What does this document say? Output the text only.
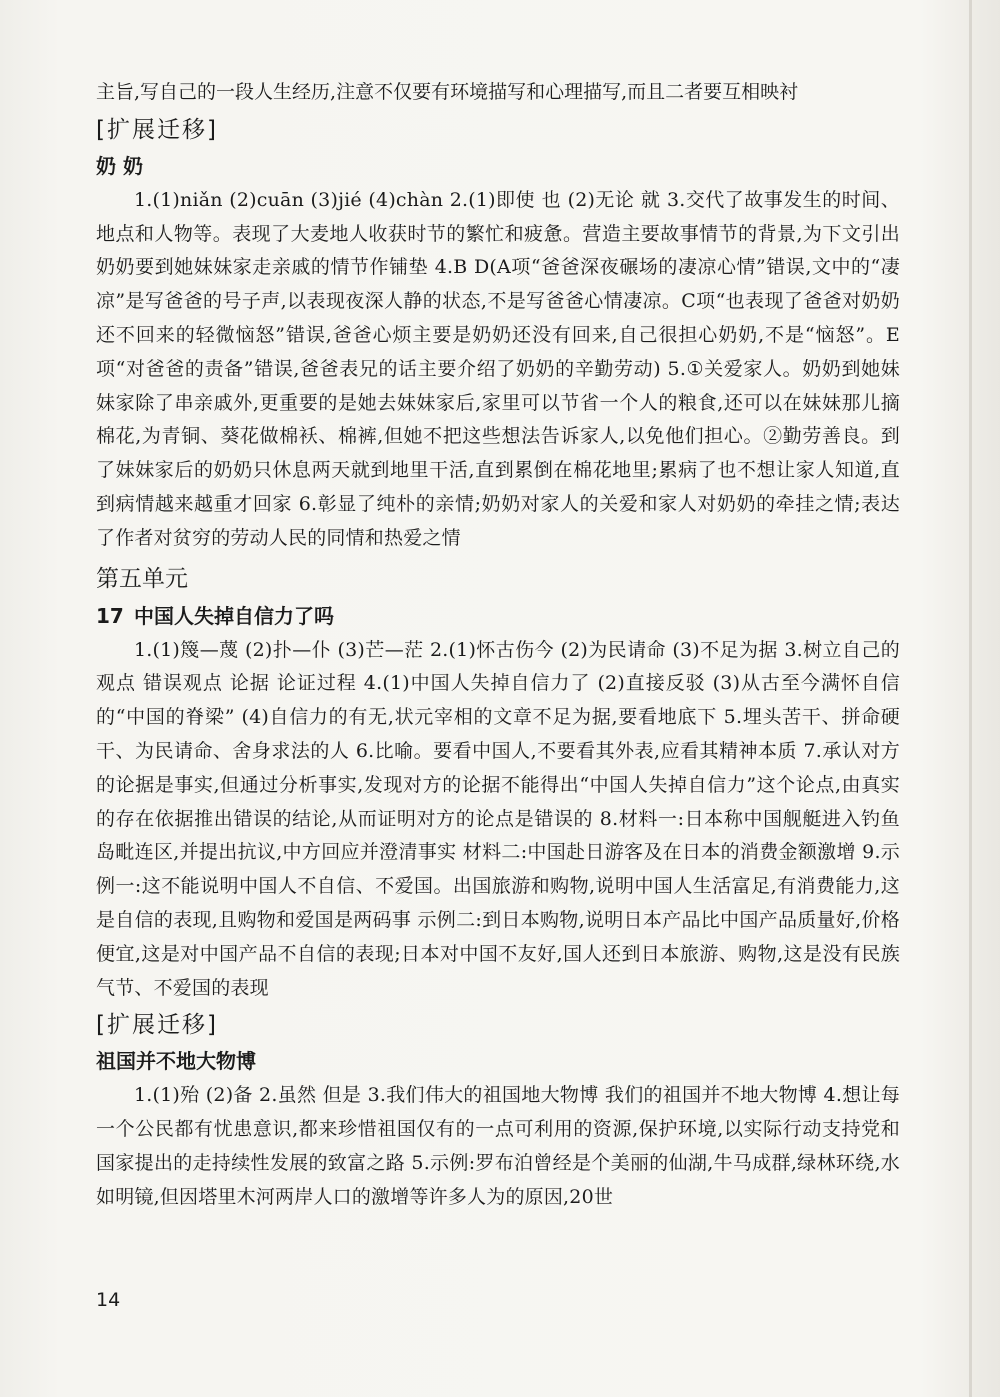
主旨,写自己的一段人生经历,注意不仅要有环境描写和心理描写,而且二者要互相映衬

[扩展迁移]

奶 奶

1.(1)niǎn (2)cuān (3)jié (4)chàn 2.(1)即使 也 (2)无论 就 3.交代了故事发生的时间、地点和人物等。表现了大麦地人收获时节的繁忙和疲惫。营造主要故事情节的背景,为下文引出奶奶要到她妹妹家走亲戚的情节作铺垫 4.B D(A项“爸爸深夜碾场的凄凉心情”错误,文中的“凄凉”是写爸爸的号子声,以表现夜深人静的状态,不是写爸爸心情凄凉。C项“也表现了爸爸对奶奶还不回来的轻微恼怒”错误,爸爸心烦主要是奶奶还没有回来,自己很担心奶奶,不是“恼怒”。E项“对爸爸的责备”错误,爸爸表兄的话主要介绍了奶奶的辛勤劳动) 5.①关爱家人。奶奶到她妹妹家除了串亲戚外,更重要的是她去妹妹家后,家里可以节省一个人的粮食,还可以在妹妹那儿摘棉花,为青铜、葵花做棉袄、棉裤,但她不把这些想法告诉家人,以免他们担心。②勤劳善良。到了妹妹家后的奶奶只休息两天就到地里干活,直到累倒在棉花地里;累病了也不想让家人知道,直到病情越来越重才回家 6.彰显了纯朴的亲情;奶奶对家人的关爱和家人对奶奶的牵挂之情;表达了作者对贫穷的劳动人民的同情和热爱之情

第五单元

17 中国人失掉自信力了吗

1.(1)篾—蔑 (2)扑—仆 (3)芒—茫 2.(1)怀古伤今 (2)为民请命 (3)不足为据 3.树立自己的观点 错误观点 论据 论证过程 4.(1)中国人失掉自信力了 (2)直接反驳 (3)从古至今满怀自信的“中国的脊梁” (4)自信力的有无,状元宰相的文章不足为据,要看地底下 5.埋头苦干、拼命硬干、为民请命、舍身求法的人 6.比喻。要看中国人,不要看其外表,应看其精神本质 7.承认对方的论据是事实,但通过分析事实,发现对方的论据不能得出“中国人失掉自信力”这个论点,由真实的存在依据推出错误的结论,从而证明对方的论点是错误的 8.材料一:日本称中国舰艇进入钓鱼岛毗连区,并提出抗议,中方回应并澄清事实 材料二:中国赴日游客及在日本的消费金额激增 9.示例一:这不能说明中国人不自信、不爱国。出国旅游和购物,说明中国人生活富足,有消费能力,这是自信的表现,且购物和爱国是两码事 示例二:到日本购物,说明日本产品比中国产品质量好,价格便宜,这是对中国产品不自信的表现;日本对中国不友好,国人还到日本旅游、购物,这是没有民族气节、不爱国的表现

[扩展迁移]

祖国并不地大物博

1.(1)殆 (2)备 2.虽然 但是 3.我们伟大的祖国地大物博 我们的祖国并不地大物博 4.想让每一个公民都有忧患意识,都来珍惜祖国仅有的一点可利用的资源,保护环境,以实际行动支持党和国家提出的走持续性发展的致富之路 5.示例:罗布泊曾经是个美丽的仙湖,牛马成群,绿林环绕,水如明镜,但因塔里木河两岸人口的激增等许多人为的原因,20世

14
